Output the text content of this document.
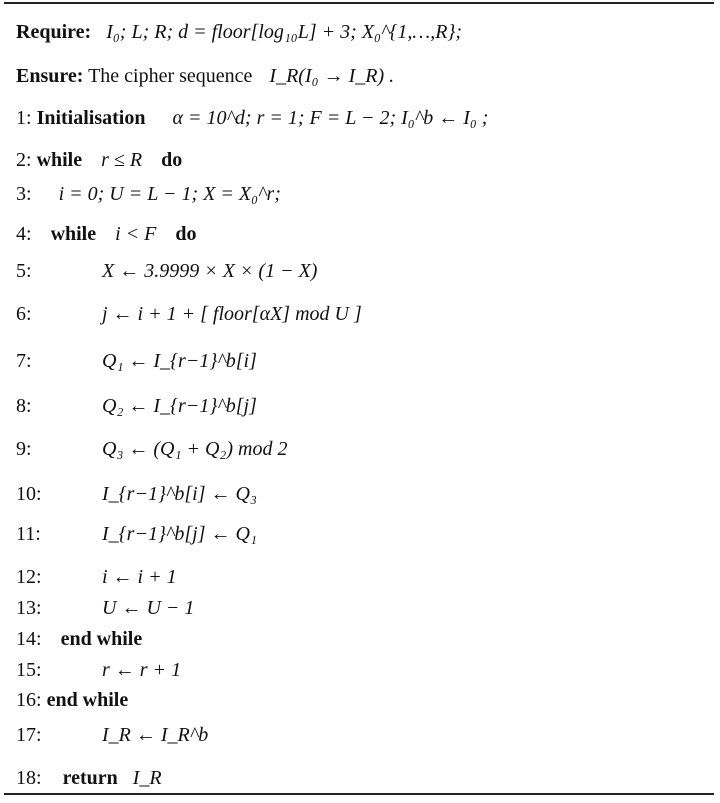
Require: I₀; L; R; d = floor[log₁₀L] + 3; X₀^{1,…,R};
Ensure: The cipher sequence I_R(I₀ → I_R) .
1: Initialisation α = 10^d; r = 1; F = L − 2; I₀^b ← I₀ ;
2: while r ≤ R do
3: i = 0; U = L − 1; X = X₀^r;
4: while i < F do
5:	X ← 3.9999 × X × (1 − X)
6:	j ← i + 1 + [ floor[αX] mod U ]
7:	Q₁ ← I_{r−1}^b[i]
8:	Q₂ ← I_{r−1}^b[j]
9:	Q₃ ← (Q₁ + Q₂) mod 2
10:	I_{r−1}^b[i] ← Q₃
11:	I_{r−1}^b[j] ← Q₁
12:	i ← i + 1
13:	U ← U − 1
14: end while
15:	r ← r + 1
16: end while
17:	I_R ← I_R^b
18: return I_R
